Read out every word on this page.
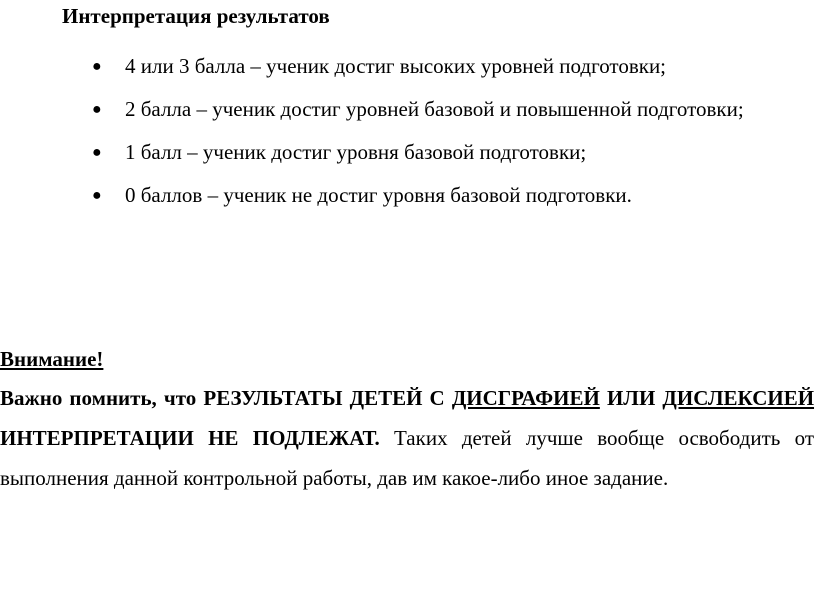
Интерпретация результатов
● 4 или 3 балла – ученик достиг высоких уровней подготовки;
● 2 балла – ученик достиг уровней базовой и повышенной подготовки;
● 1 балл – ученик достиг уровня базовой подготовки;
● 0 баллов – ученик не достиг уровня базовой подготовки.

Внимание!

Важно помнить, что РЕЗУЛЬТАТЫ ДЕТЕЙ С ДИСГРАФИЕЙ ИЛИ ДИСЛЕКСИЕЙ ИНТЕРПРЕТАЦИИ НЕ ПОДЛЕЖАТ. Таких детей лучше вообще освободить от выполнения данной контрольной работы, дав им какое-либо иное задание.
